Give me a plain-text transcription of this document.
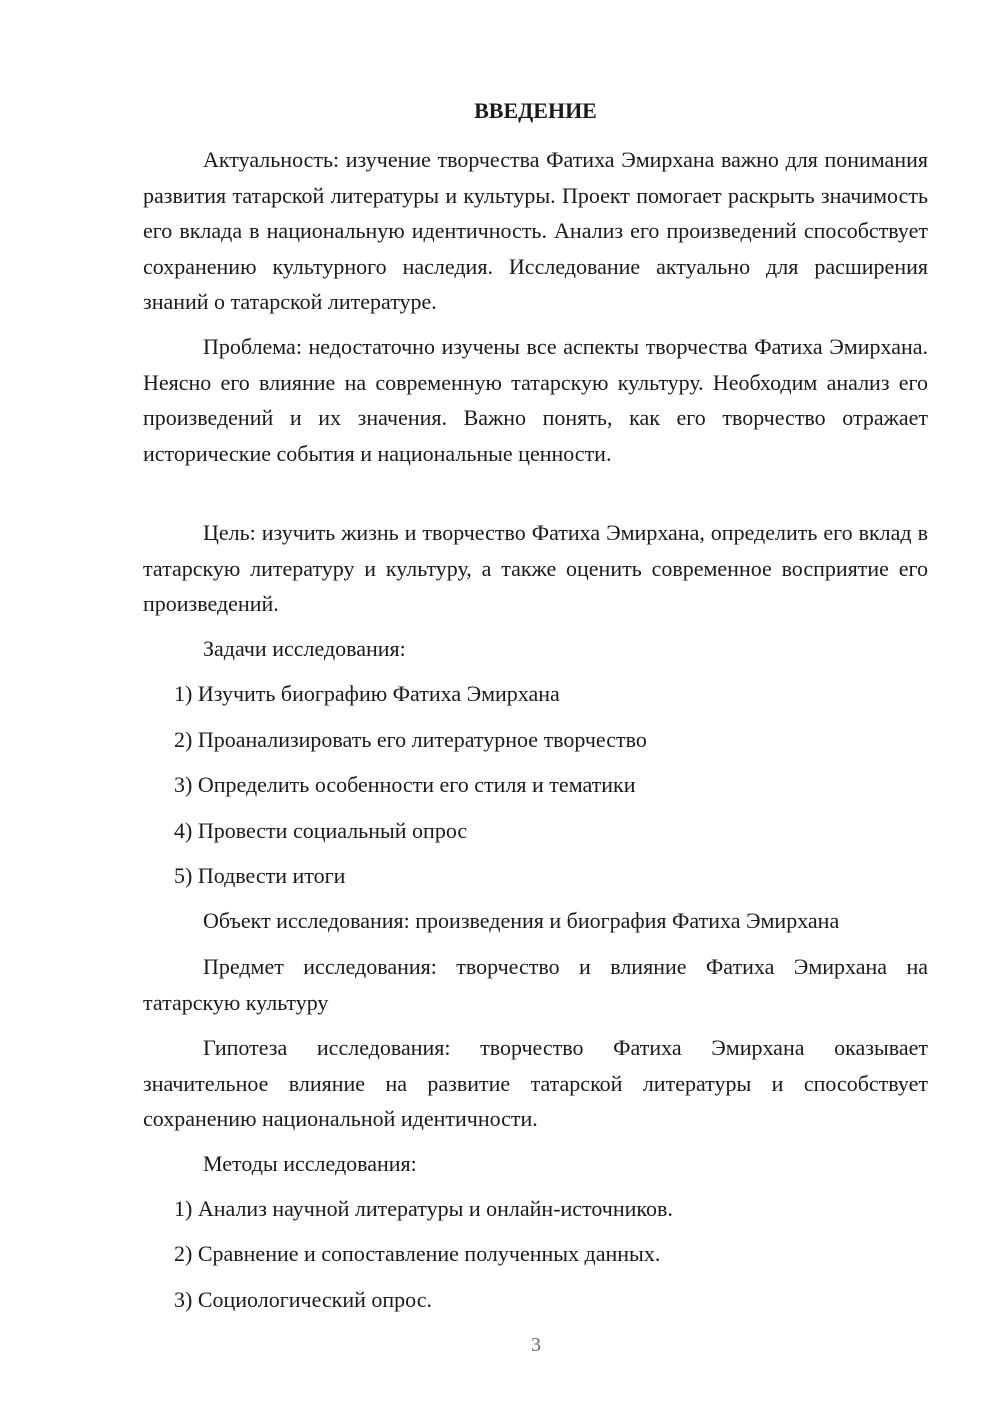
ВВЕДЕНИЕ

Актуальность: изучение творчества Фатиха Эмирхана важно для понимания развития татарской литературы и культуры. Проект помогает раскрыть значимость его вклада в национальную идентичность. Анализ его произведений способствует сохранению культурного наследия. Исследование актуально для расширения знаний о татарской литературе.

Проблема: недостаточно изучены все аспекты творчества Фатиха Эмирхана. Неясно его влияние на современную татарскую культуру. Необходим анализ его произведений и их значения. Важно понять, как его творчество отражает исторические события и национальные ценности.

Цель: изучить жизнь и творчество Фатиха Эмирхана, определить его вклад в татарскую литературу и культуру, а также оценить современное восприятие его произведений.

Задачи исследования:

1) Изучить биографию Фатиха Эмирхана

2) Проанализировать его литературное творчество

3) Определить особенности его стиля и тематики

4) Провести социальный опрос

5) Подвести итоги

Объект исследования: произведения и биография Фатиха Эмирхана

Предмет исследования: творчество и влияние Фатиха Эмирхана на татарскую культуру

Гипотеза исследования: творчество Фатиха Эмирхана оказывает значительное влияние на развитие татарской литературы и способствует сохранению национальной идентичности.

Методы исследования:

1) Анализ научной литературы и онлайн-источников.

2) Сравнение и сопоставление полученных данных.

3) Социологический опрос.

3
